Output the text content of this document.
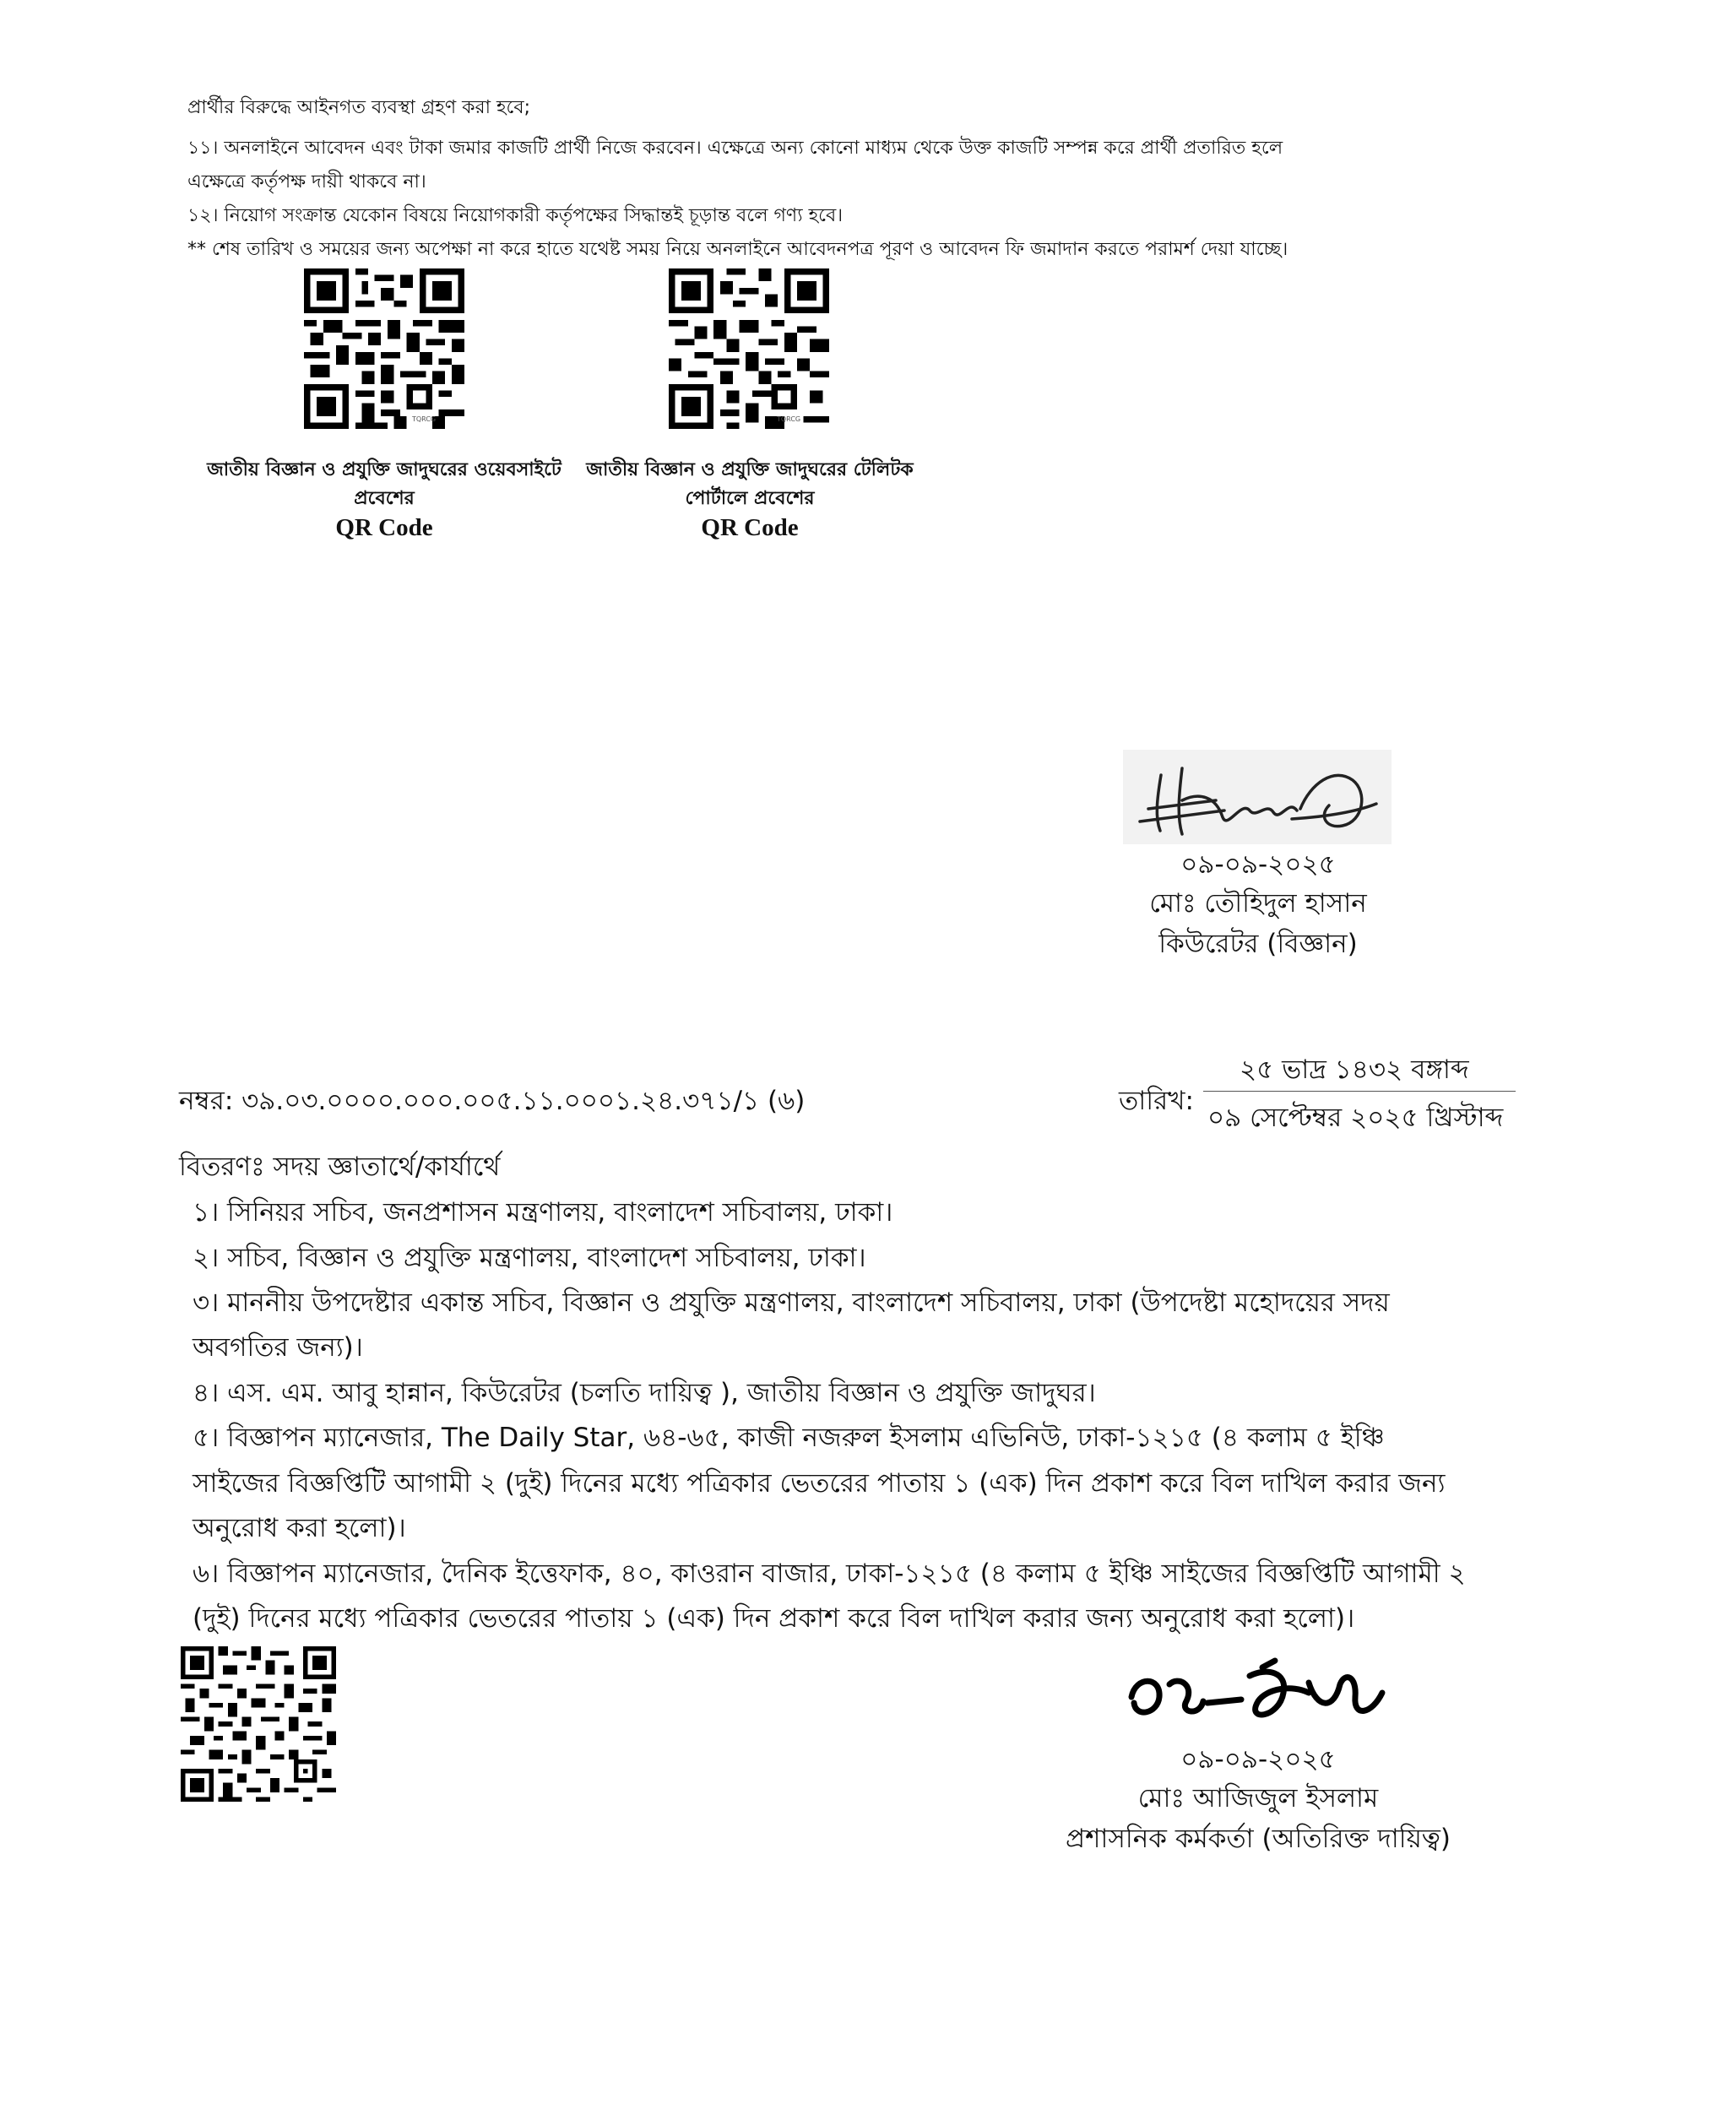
প্রার্থীর বিরুদ্ধে আইনগত ব্যবস্থা গ্রহণ করা হবে;
১১। অনলাইনে আবেদন এবং টাকা জমার কাজটি প্রার্থী নিজে করবেন। এক্ষেত্রে অন্য কোনো মাধ্যম থেকে উক্ত কাজটি সম্পন্ন করে প্রার্থী প্রতারিত হলে
এক্ষেত্রে কর্তৃপক্ষ দায়ী থাকবে না।
১২। নিয়োগ সংক্রান্ত যেকোন বিষয়ে নিয়োগকারী কর্তৃপক্ষের সিদ্ধান্তই চূড়ান্ত বলে গণ্য হবে।
** শেষ তারিখ ও সময়ের জন্য অপেক্ষা না করে হাতে যথেষ্ট সময় নিয়ে অনলাইনে আবেদনপত্র পূরণ ও আবেদন ফি জমাদান করতে পরামর্শ দেয়া যাচ্ছে।
TQRCG	TQRCG
জাতীয় বিজ্ঞান ও প্রযুক্তি জাদুঘরের ওয়েবসাইটে
প্রবেশের
QR Code
জাতীয় বিজ্ঞান ও প্রযুক্তি জাদুঘরের টেলিটক
পোর্টালে প্রবেশের
QR Code
০৯-০৯-২০২৫
মোঃ তৌহিদুল হাসান
কিউরেটর (বিজ্ঞান)
নম্বর: ৩৯.০৩.০০০০.০০০.০০৫.১১.০০০১.২৪.৩৭১/১ (৬)	তারিখ:
২৫ ভাদ্র ১৪৩২ বঙ্গাব্দ
০৯ সেপ্টেম্বর ২০২৫ খ্রিস্টাব্দ
বিতরণঃ সদয় জ্ঞাতার্থে/কার্যার্থে
১। সিনিয়র সচিব, জনপ্রশাসন মন্ত্রণালয়, বাংলাদেশ সচিবালয়, ঢাকা।
২। সচিব, বিজ্ঞান ও প্রযুক্তি মন্ত্রণালয়, বাংলাদেশ সচিবালয়, ঢাকা।
৩। মাননীয় উপদেষ্টার একান্ত সচিব, বিজ্ঞান ও প্রযুক্তি মন্ত্রণালয়, বাংলাদেশ সচিবালয়, ঢাকা (উপদেষ্টা মহোদয়ের সদয়
অবগতির জন্য)।
৪। এস. এম. আবু হান্নান, কিউরেটর (চলতি দায়িত্ব ), জাতীয় বিজ্ঞান ও প্রযুক্তি জাদুঘর।
৫। বিজ্ঞাপন ম্যানেজার, The Daily Star, ৬৪-৬৫, কাজী নজরুল ইসলাম এভিনিউ, ঢাকা-১২১৫ (৪ কলাম ৫ ইঞ্চি
সাইজের বিজ্ঞপ্তিটি আগামী ২ (দুই) দিনের মধ্যে পত্রিকার ভেতরের পাতায় ১ (এক) দিন প্রকাশ করে বিল দাখিল করার জন্য
অনুরোধ করা হলো)।
৬। বিজ্ঞাপন ম্যানেজার, দৈনিক ইত্তেফাক, ৪০, কাওরান বাজার, ঢাকা-১২১৫ (৪ কলাম ৫ ইঞ্চি সাইজের বিজ্ঞপ্তিটি আগামী ২
(দুই) দিনের মধ্যে পত্রিকার ভেতরের পাতায় ১ (এক) দিন প্রকাশ করে বিল দাখিল করার জন্য অনুরোধ করা হলো)।
০৯-০৯-২০২৫
মোঃ আজিজুল ইসলাম
প্রশাসনিক কর্মকর্তা (অতিরিক্ত দায়িত্ব)
